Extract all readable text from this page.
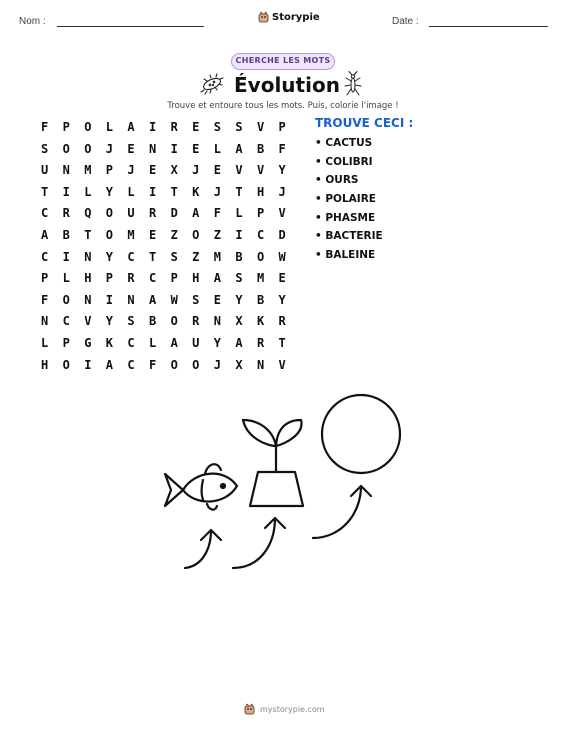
Nom :	Date :
Storypie
CHERCHE LES MOTS
Évolution
Trouve et entoure tous les mots. Puis, colorie l'image !
F P O L A I R E S S V P
S O O J E N I E L A B F
U N M P J E X J E V V Y
T I L Y L I T K J T H J
C R Q O U R D A F L P V
A B T O M E Z O Z I C D
C I N Y C T S Z M B O W
P L H P R C P H A S M E
F O N I N A W S E Y B Y
N C V Y S B O R N X K R
L P G K C L A U Y A R T
H O I A C F O O J X N V
TROUVE CECI :
• CACTUS
• COLIBRI
• OURS
• POLAIRE
• PHASME
• BACTERIE
• BALEINE
mystorypie.com
